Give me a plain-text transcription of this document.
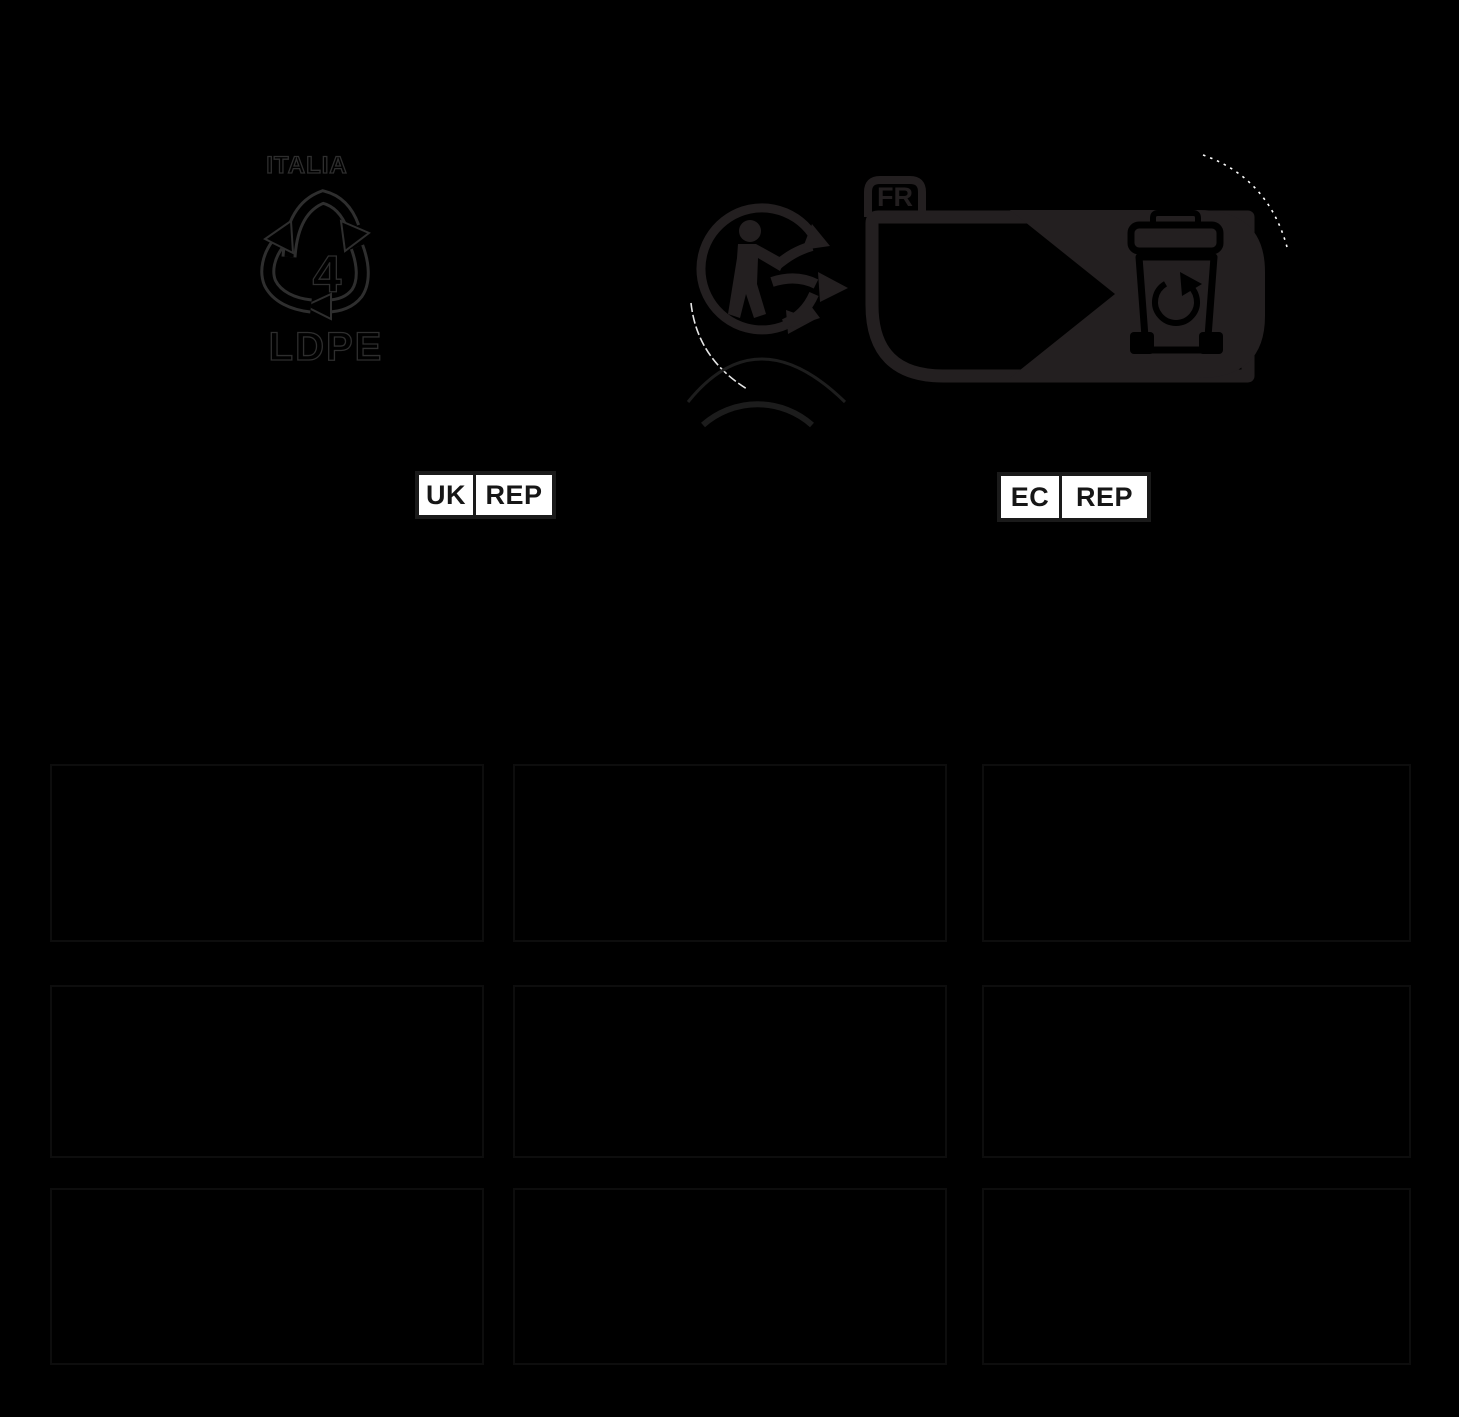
ITALIA
4
LDPE
FR
UK REP	EC REP
